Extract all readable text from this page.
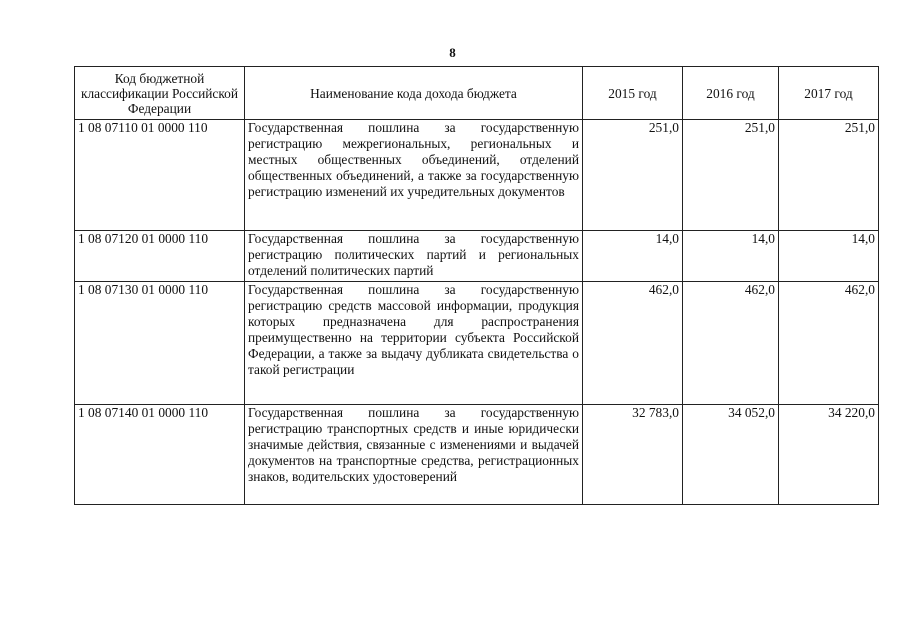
8
Код бюджетной классификации Российской Федерации	Наименование кода дохода бюджета	2015 год	2016 год	2017 год
1 08 07110 01 0000 110	Государственная пошлина за государственную регистрацию межрегиональных, региональных и местных общественных объединений, отделений общественных объединений, а также за государственную регистрацию изменений их учредительных документов	251,0	251,0	251,0
1 08 07120 01 0000 110	Государственная пошлина за государственную регистрацию политических партий и региональных отделений политических партий	14,0	14,0	14,0
1 08 07130 01 0000 110	Государственная пошлина за государственную регистрацию средств массовой информации, продукция которых предназначена для распространения преимущественно на территории субъекта Российской Федерации, а также за выдачу дубликата свидетельства о такой регистрации	462,0	462,0	462,0
1 08 07140 01 0000 110	Государственная пошлина за государственную регистрацию транспортных средств и иные юридически значимые действия, связанные с изменениями и выдачей документов на транспортные средства, регистрационных знаков, водительских удостоверений	32 783,0	34 052,0	34 220,0
